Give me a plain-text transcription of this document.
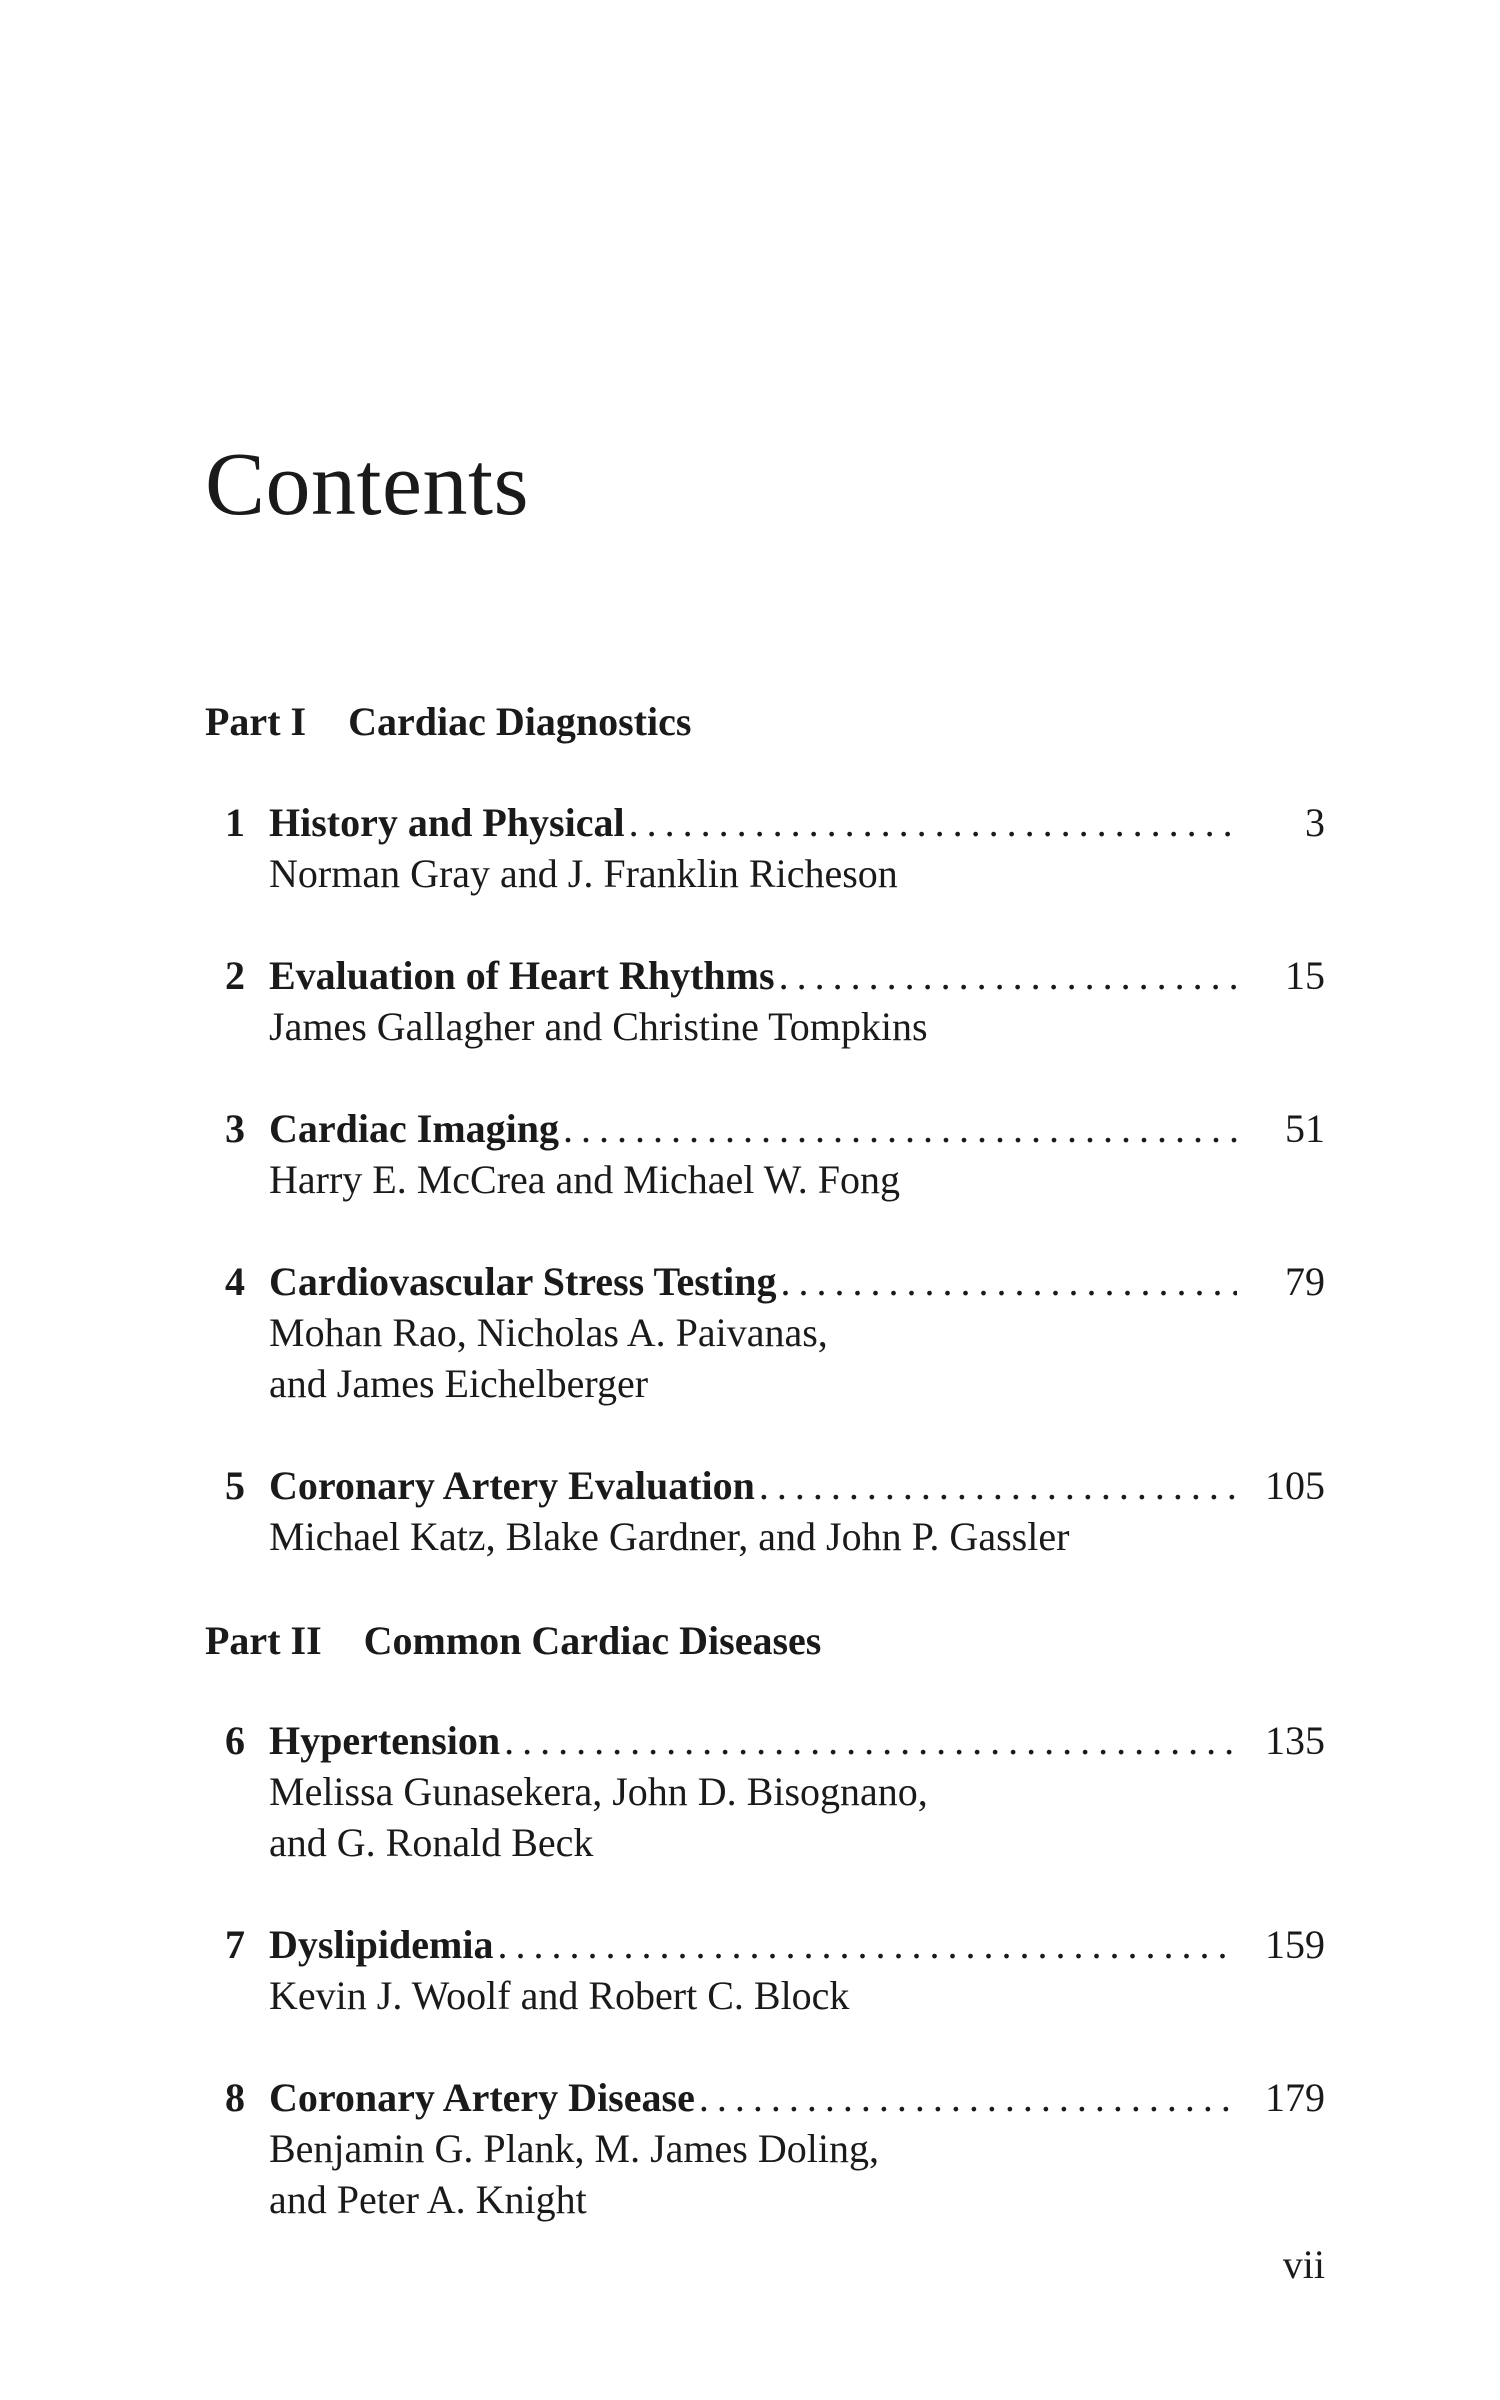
Contents
Part I Cardiac Diagnostics
1 History and Physical . . .	3
Norman Gray and J. Franklin Richeson
2 Evaluation of Heart Rhythms . . .	15
James Gallagher and Christine Tompkins
3 Cardiac Imaging . . .	51
Harry E. McCrea and Michael W. Fong
4 Cardiovascular Stress Testing . . .	79
Mohan Rao, Nicholas A. Paivanas,
and James Eichelberger
5 Coronary Artery Evaluation . . .	105
Michael Katz, Blake Gardner, and John P. Gassler
Part II Common Cardiac Diseases
6 Hypertension . . .	135
Melissa Gunasekera, John D. Bisognano,
and G. Ronald Beck
7 Dyslipidemia . . .	159
Kevin J. Woolf and Robert C. Block
8 Coronary Artery Disease . . .	179
Benjamin G. Plank, M. James Doling,
and Peter A. Knight
vii
